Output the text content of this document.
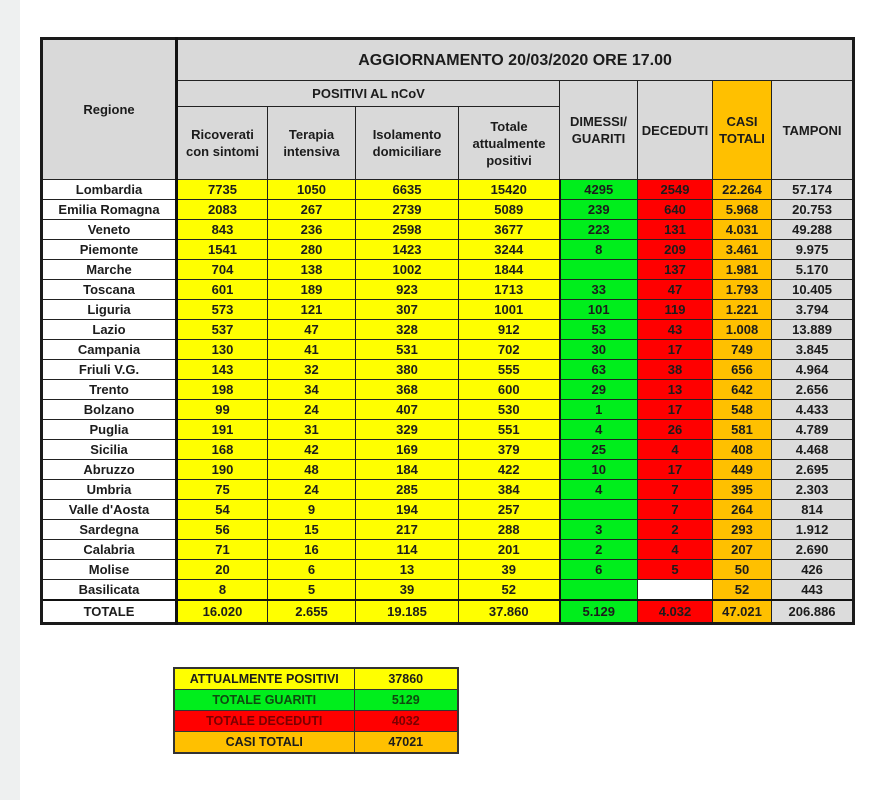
Regione	AGGIORNAMENTO 20/03/2020 ORE 17.00							
	POSITIVI AL nCoV				DIMESSI/ GUARITI	DECEDUTI	CASI TOTALI	TAMPONI
	Ricoverati con sintomi	Terapia intensiva	Isolamento domiciliare	Totale attualmente positivi				
Lombardia	7735	1050	6635	15420	4295	2549	22.264	57.174
Emilia Romagna	2083	267	2739	5089	239	640	5.968	20.753
Veneto	843	236	2598	3677	223	131	4.031	49.288
Piemonte	1541	280	1423	3244	8	209	3.461	9.975
Marche	704	138	1002	1844		137	1.981	5.170
Toscana	601	189	923	1713	33	47	1.793	10.405
Liguria	573	121	307	1001	101	119	1.221	3.794
Lazio	537	47	328	912	53	43	1.008	13.889
Campania	130	41	531	702	30	17	749	3.845
Friuli V.G.	143	32	380	555	63	38	656	4.964
Trento	198	34	368	600	29	13	642	2.656
Bolzano	99	24	407	530	1	17	548	4.433
Puglia	191	31	329	551	4	26	581	4.789
Sicilia	168	42	169	379	25	4	408	4.468
Abruzzo	190	48	184	422	10	17	449	2.695
Umbria	75	24	285	384	4	7	395	2.303
Valle d'Aosta	54	9	194	257		7	264	814
Sardegna	56	15	217	288	3	2	293	1.912
Calabria	71	16	114	201	2	4	207	2.690
Molise	20	6	13	39	6	5	50	426
Basilicata	8	5	39	52			52	443
TOTALE	16.020	2.655	19.185	37.860	5.129	4.032	47.021	206.886
ATTUALMENTE POSITIVI	37860
TOTALE GUARITI	5129
TOTALE DECEDUTI	4032
CASI TOTALI	47021
